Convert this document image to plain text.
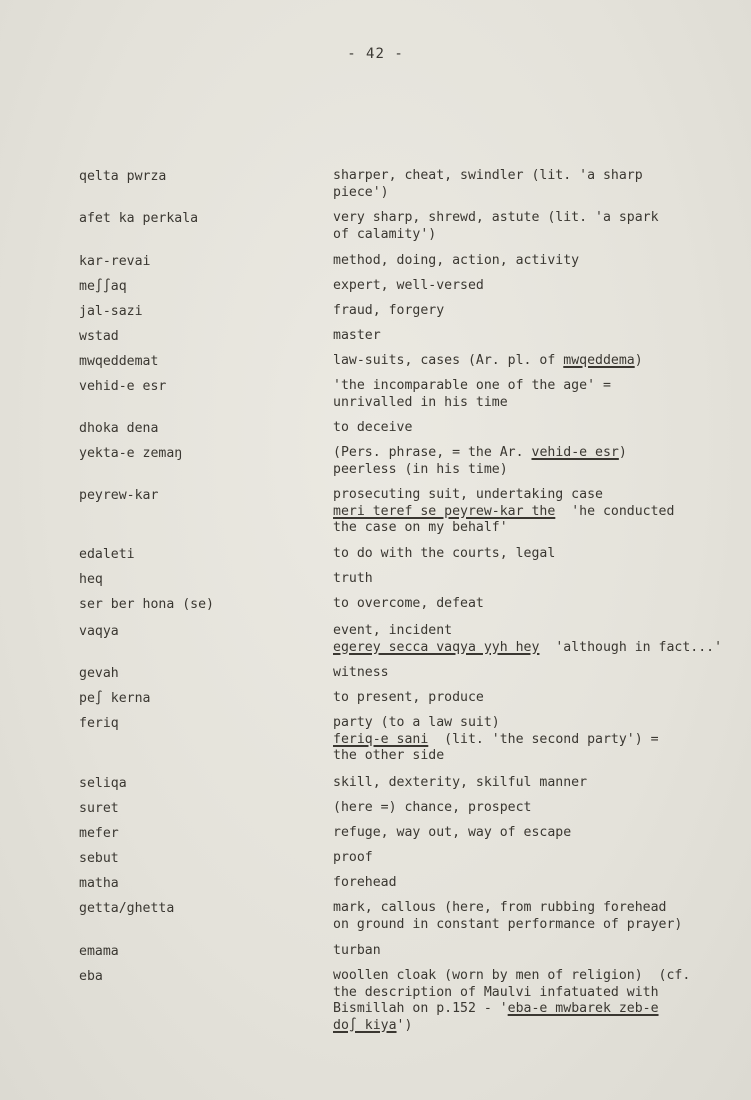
- 42 -
qelta pwrza	sharper, cheat, swindler (lit. 'a sharp
piece')
afet ka perkala	very sharp, shrewd, astute (lit. 'a spark
of calamity')
kar-revai	method, doing, action, activity
me∫∫aq	expert, well-versed
jal-sazi	fraud, forgery
wstad	master
mwqeddemat	law-suits, cases (Ar. pl. of mwqeddema)
vehid-e esr	'the incomparable one of the age' =
unrivalled in his time
dhoka dena	to deceive
yekta-e zemaŋ	(Pers. phrase, = the Ar. vehid-e esr)
peerless (in his time)
peyrew-kar	prosecuting suit, undertaking case
meri teref se peyrew-kar the  'he conducted
the case on my behalf'
edaleti	to do with the courts, legal
heq	truth
ser ber hona (se)	to overcome, defeat
vaqya	event, incident
egerey secca vaqya yyh hey  'although in fact...'
gevah	witness
pe∫ kerna	to present, produce
feriq	party (to a law suit)
feriq-e sani  (lit. 'the second party') =
the other side
seliqa	skill, dexterity, skilful manner
suret	(here =) chance, prospect
mefer	refuge, way out, way of escape
sebut	proof
matha	forehead
getta/ghetta	mark, callous (here, from rubbing forehead
on ground in constant performance of prayer)
emama	turban
eba	woollen cloak (worn by men of religion)  (cf.
the description of Maulvi infatuated with
Bismillah on p.152 - 'eba-e mwbarek zeb-e
do∫ kiya')
